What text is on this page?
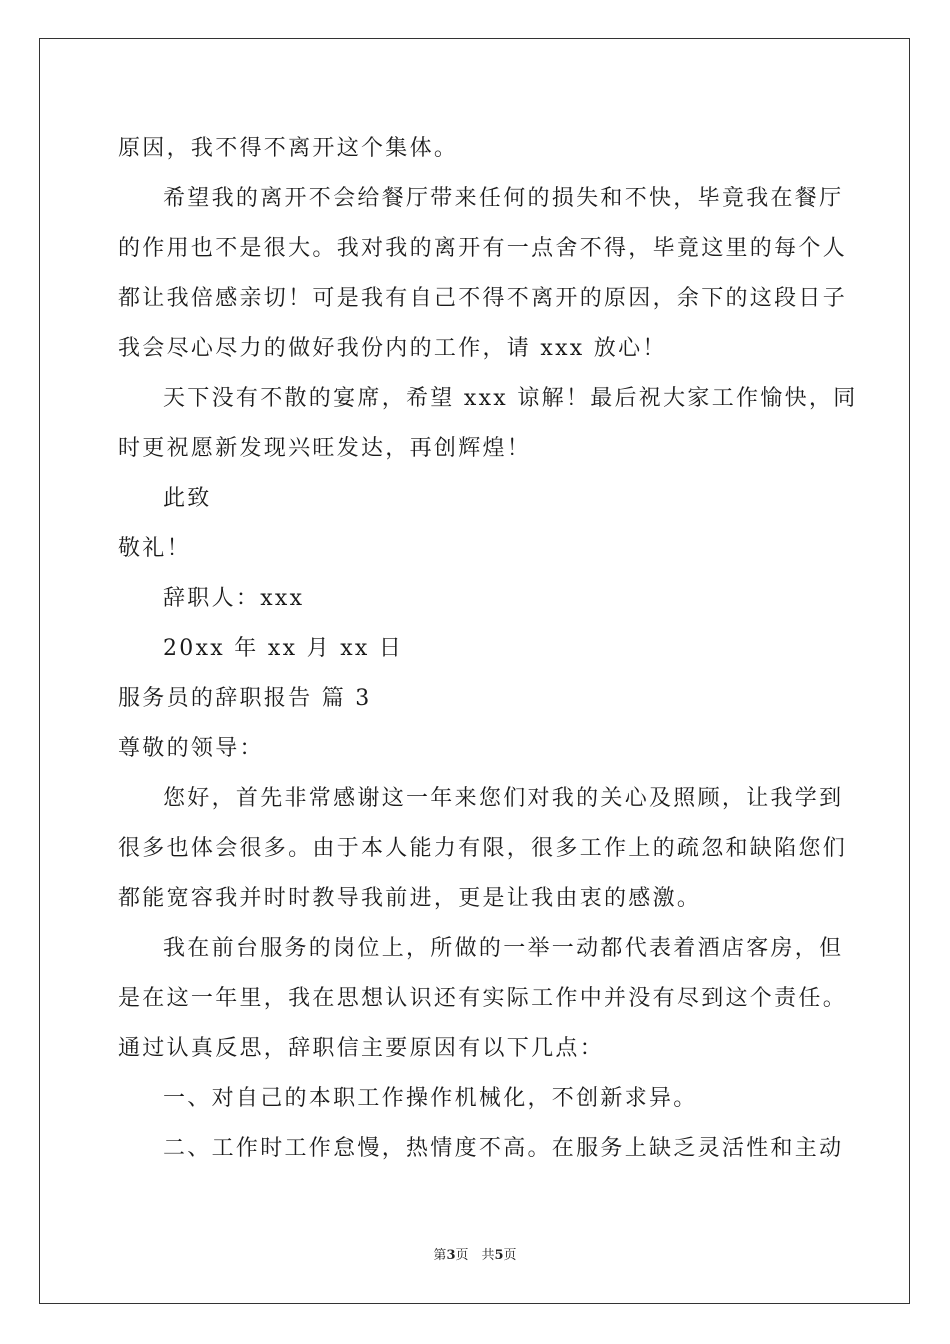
原因，我不得不离开这个集体。
希望我的离开不会给餐厅带来任何的损失和不快，毕竟我在餐厅
的作用也不是很大。我对我的离开有一点舍不得，毕竟这里的每个人
都让我倍感亲切！可是我有自己不得不离开的原因，余下的这段日子
我会尽心尽力的做好我份内的工作，请 xxx 放心！
天下没有不散的宴席，希望 xxx 谅解！最后祝大家工作愉快，同
时更祝愿新发现兴旺发达，再创辉煌！
此致
敬礼！
辞职人：xxx
20xx 年 xx 月 xx 日
服务员的辞职报告 篇 3
尊敬的领导：
您好，首先非常感谢这一年来您们对我的关心及照顾，让我学到
很多也体会很多。由于本人能力有限，很多工作上的疏忽和缺陷您们
都能宽容我并时时教导我前进，更是让我由衷的感激。
我在前台服务的岗位上，所做的一举一动都代表着酒店客房，但
是在这一年里，我在思想认识还有实际工作中并没有尽到这个责任。
通过认真反思，辞职信主要原因有以下几点：
一、对自己的本职工作操作机械化，不创新求异。
二、工作时工作怠慢，热情度不高。在服务上缺乏灵活性和主动
第3页　共5页
